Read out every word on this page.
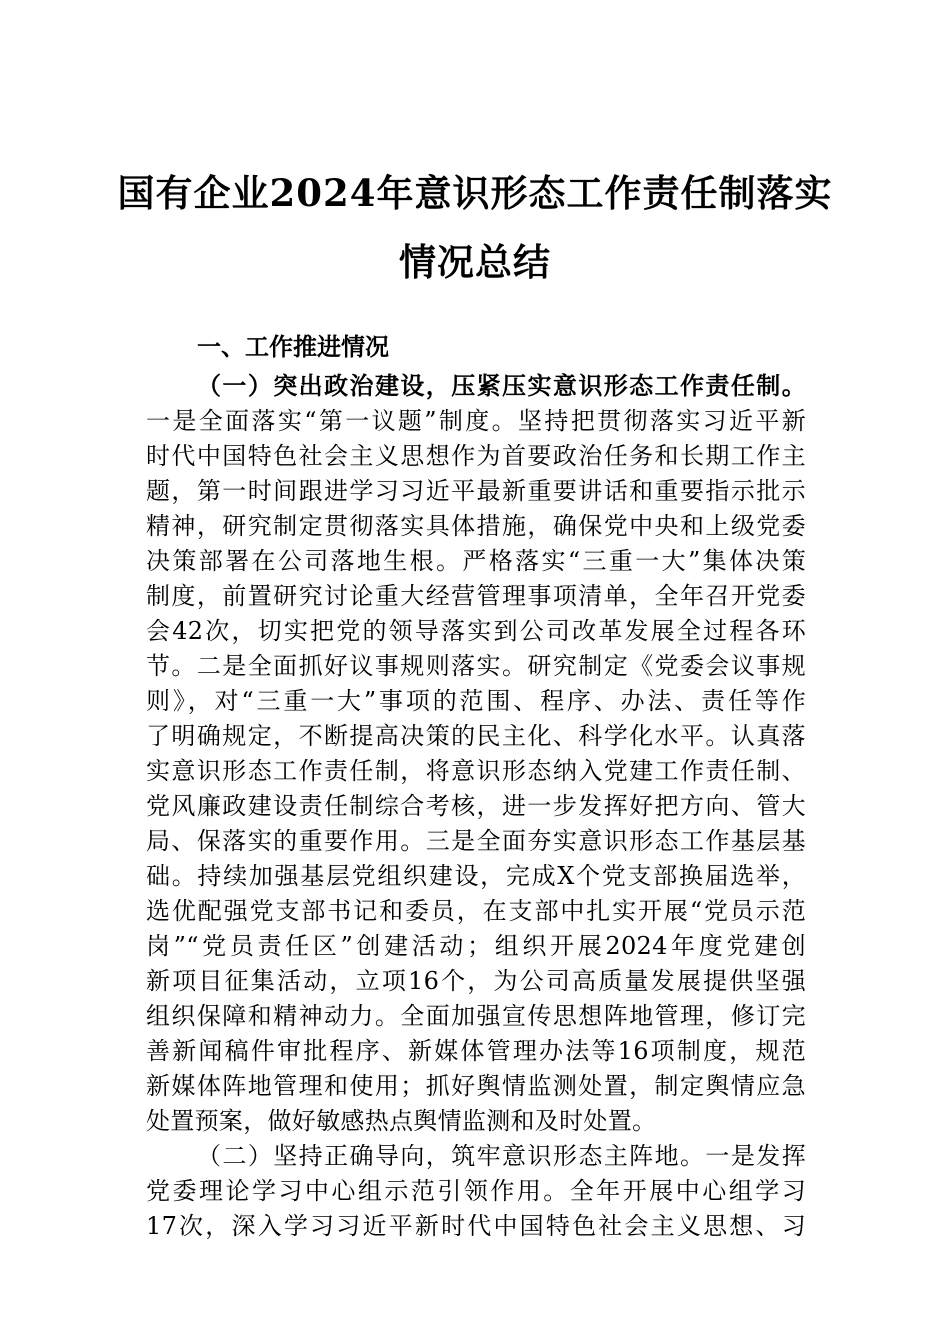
国有企业2024年意识形态工作责任制落实
情况总结
一、工作推进情况
（一）突出政治建设，压紧压实意识形态工作责任制。
一是全面落实“第一议题”制度。坚持把贯彻落实习近平新
时代中国特色社会主义思想作为首要政治任务和长期工作主
题，第一时间跟进学习习近平最新重要讲话和重要指示批示
精神，研究制定贯彻落实具体措施，确保党中央和上级党委
决策部署在公司落地生根。严格落实“三重一大”集体决策
制度，前置研究讨论重大经营管理事项清单，全年召开党委
会42次，切实把党的领导落实到公司改革发展全过程各环
节。二是全面抓好议事规则落实。研究制定《党委会议事规
则》，对“三重一大”事项的范围、程序、办法、责任等作
了明确规定，不断提高决策的民主化、科学化水平。认真落
实意识形态工作责任制，将意识形态纳入党建工作责任制、
党风廉政建设责任制综合考核，进一步发挥好把方向、管大
局、保落实的重要作用。三是全面夯实意识形态工作基层基
础。持续加强基层党组织建设，完成X个党支部换届选举，
选优配强党支部书记和委员，在支部中扎实开展“党员示范
岗”“党员责任区”创建活动；组织开展2024年度党建创
新项目征集活动，立项16个，为公司高质量发展提供坚强
组织保障和精神动力。全面加强宣传思想阵地管理，修订完
善新闻稿件审批程序、新媒体管理办法等16项制度，规范
新媒体阵地管理和使用；抓好舆情监测处置，制定舆情应急
处置预案，做好敏感热点舆情监测和及时处置。
（二）坚持正确导向，筑牢意识形态主阵地。一是发挥
党委理论学习中心组示范引领作用。全年开展中心组学习
17次，深入学习习近平新时代中国特色社会主义思想、习
